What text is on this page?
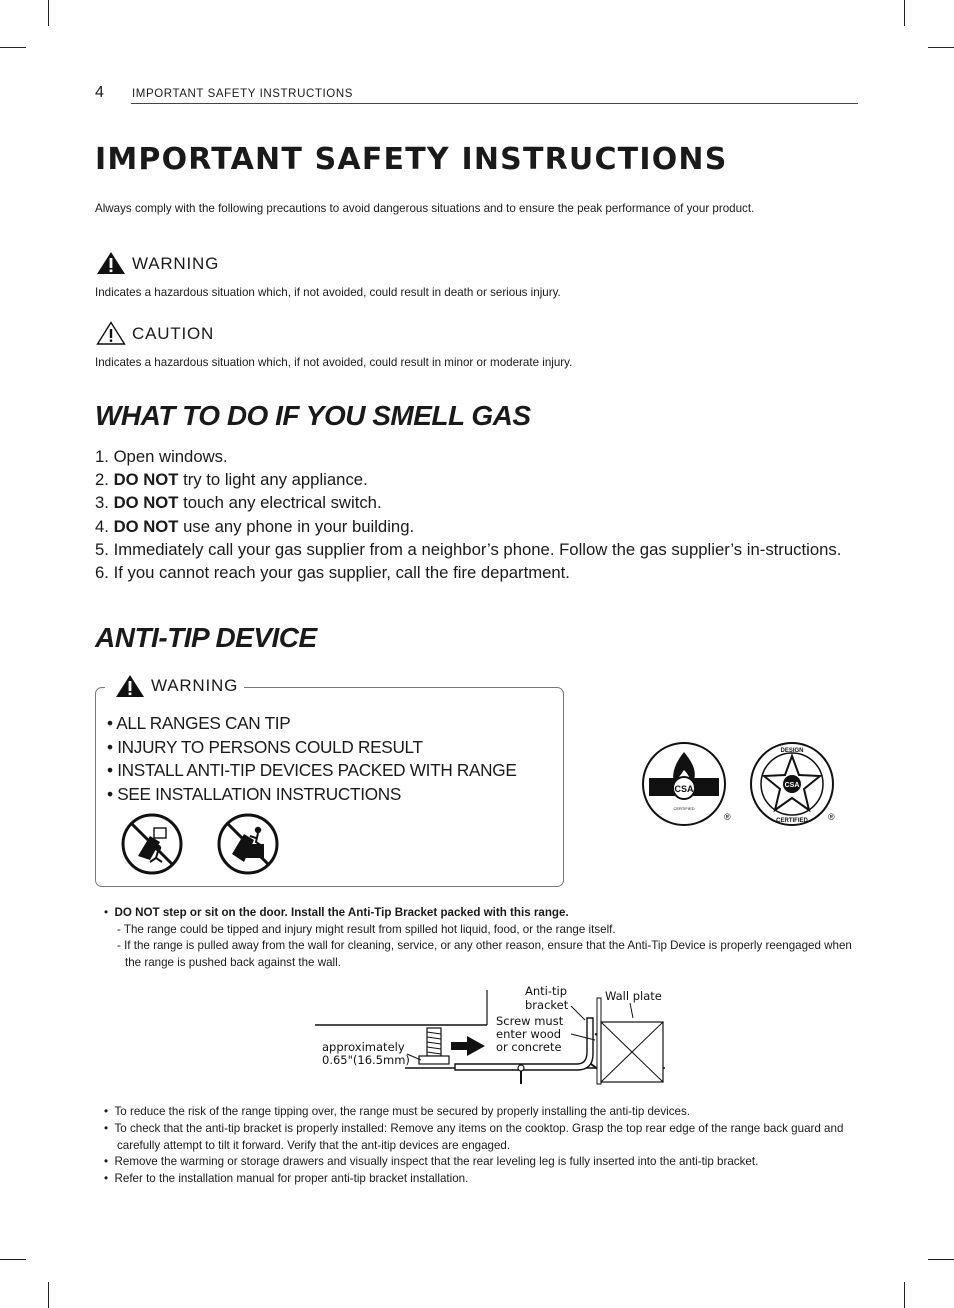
4 IMPORTANT SAFETY INSTRUCTIONS
IMPORTANT SAFETY INSTRUCTIONS
Always comply with the following precautions to avoid dangerous situations and to ensure the peak performance of your product.
WARNING
Indicates a hazardous situation which, if not avoided, could result in death or serious injury.
CAUTION
Indicates a hazardous situation which, if not avoided, could result in minor or moderate injury.
WHAT TO DO IF YOU SMELL GAS
1. Open windows.
2. DO NOT try to light any appliance.
3. DO NOT touch any electrical switch.
4. DO NOT use any phone in your building.
5. Immediately call your gas supplier from a neighbor’s phone. Follow the gas supplier’s in-structions.
6. If you cannot reach your gas supplier, call the fire department.
ANTI-TIP DEVICE
WARNING
• ALL RANGES CAN TIP
• INJURY TO PERSONS COULD RESULT
• INSTALL ANTI-TIP DEVICES PACKED WITH RANGE
• SEE INSTALLATION INSTRUCTIONS	CSA
CERTIFIED
®
CSA
DESIGN
CERTIFIED ®
•  DO NOT step or sit on the door. Install the Anti-Tip Bracket packed with this range.
- The range could be tipped and injury might result from spilled hot liquid, food, or the range itself.
- If the range is pulled away from the wall for cleaning, service, or any other reason, ensure that the Anti-Tip Device is properly reengaged when the range is pushed back against the wall.
Anti-tip
bracket
Wall plate
Screw must
enter wood
or concrete
approximately
0.65"(16.5mm)
•  To reduce the risk of the range tipping over, the range must be secured by properly installing the anti-tip devices.
•  To check that the anti-tip bracket is properly installed: Remove any items on the cooktop. Grasp the top rear edge of the range back guard and carefully attempt to tilt it forward. Verify that the ant-itip devices are engaged.
•  Remove the warming or storage drawers and visually inspect that the rear leveling leg is fully inserted into the anti-tip bracket.
•  Refer to the installation manual for proper anti-tip bracket installation.
